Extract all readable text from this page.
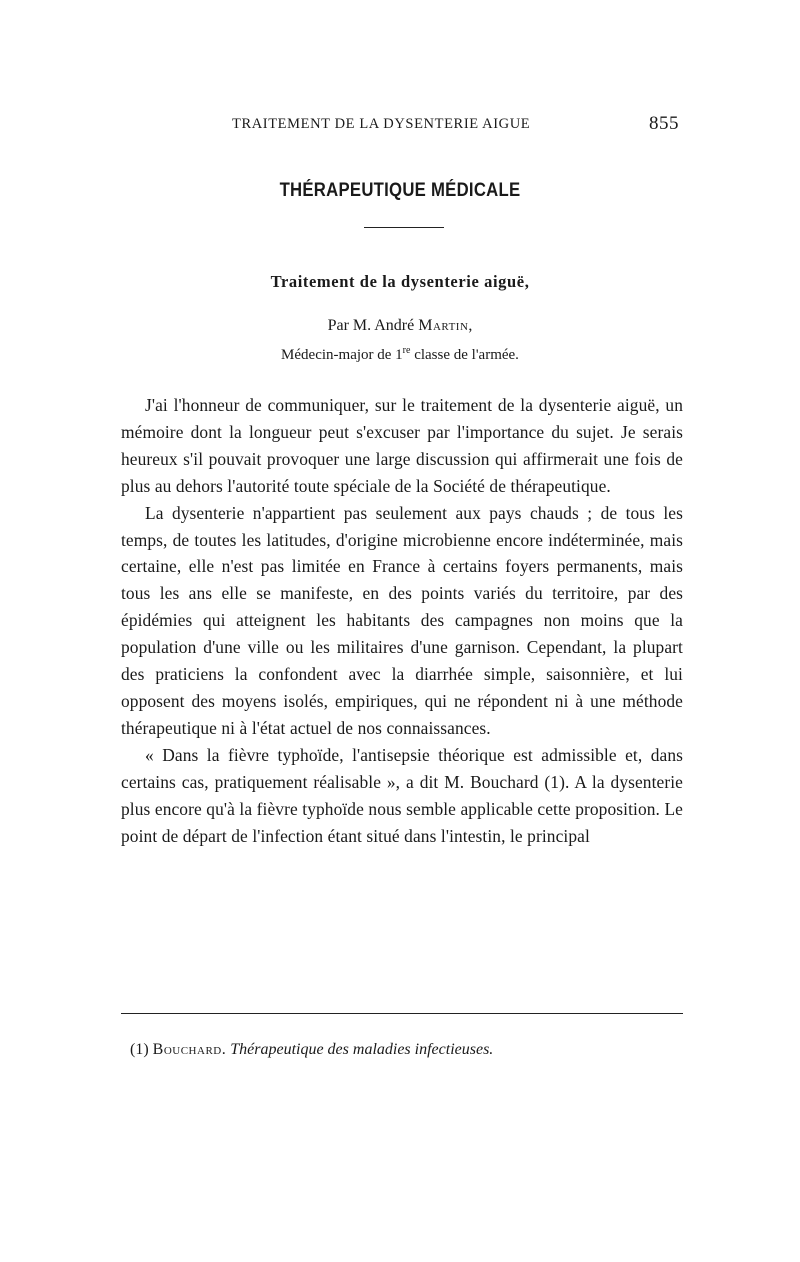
TRAITEMENT DE LA DYSENTERIE AIGUE	855
THÉRAPEUTIQUE MÉDICALE
Traitement de la dysenterie aiguë,
Par M. André Martin,
Médecin-major de 1re classe de l'armée.

J'ai l'honneur de communiquer, sur le traitement de la dysenterie aiguë, un mémoire dont la longueur peut s'excuser par l'importance du sujet. Je serais heureux s'il pouvait provoquer une large discussion qui affirmerait une fois de plus au dehors l'autorité toute spéciale de la Société de thérapeutique.

La dysenterie n'appartient pas seulement aux pays chauds ; de tous les temps, de toutes les latitudes, d'origine microbienne encore indéterminée, mais certaine, elle n'est pas limitée en France à certains foyers permanents, mais tous les ans elle se manifeste, en des points variés du territoire, par des épidémies qui atteignent les habitants des campagnes non moins que la population d'une ville ou les militaires d'une garnison. Cependant, la plupart des praticiens la confondent avec la diarrhée simple, saisonnière, et lui opposent des moyens isolés, empiriques, qui ne répondent ni à une méthode thérapeutique ni à l'état actuel de nos connaissances.

« Dans la fièvre typhoïde, l'antisepsie théorique est admissible et, dans certains cas, pratiquement réalisable », a dit M. Bouchard (1). A la dysenterie plus encore qu'à la fièvre typhoïde nous semble applicable cette proposition. Le point de départ de l'infection étant situé dans l'intestin, le principal

(1) Bouchard. Thérapeutique des maladies infectieuses.
